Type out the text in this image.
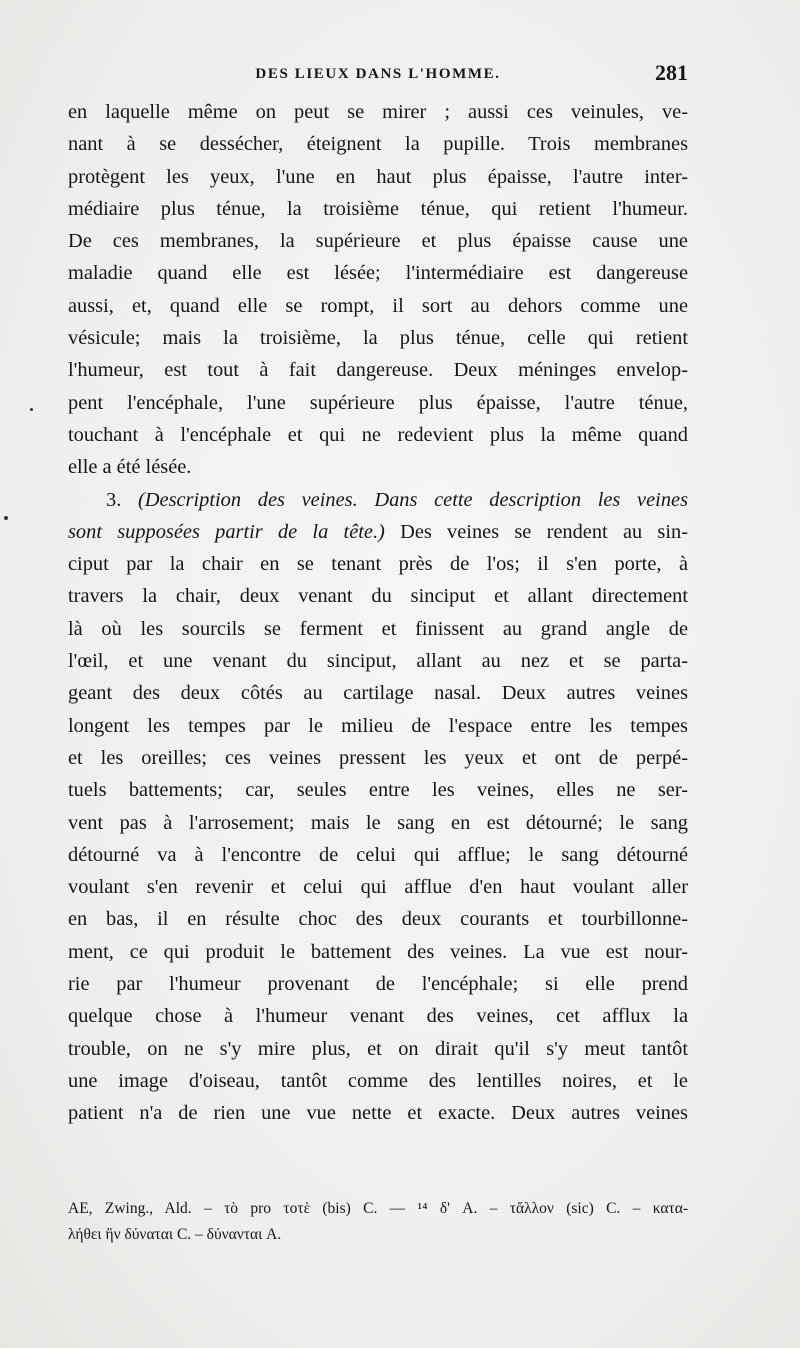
DES LIEUX DANS L'HOMME.	281
en laquelle même on peut se mirer ; aussi ces veinules, ve-
nant à se dessécher, éteignent la pupille. Trois membranes
protègent les yeux, l'une en haut plus épaisse, l'autre inter-
médiaire plus ténue, la troisième ténue, qui retient l'humeur.
De ces membranes, la supérieure et plus épaisse cause une
maladie quand elle est lésée; l'intermédiaire est dangereuse
aussi, et, quand elle se rompt, il sort au dehors comme une
vésicule; mais la troisième, la plus ténue, celle qui retient
l'humeur, est tout à fait dangereuse. Deux méninges envelop-
pent l'encéphale, l'une supérieure plus épaisse, l'autre ténue,
touchant à l'encéphale et qui ne redevient plus la même quand
elle a été lésée.
3. (Description des veines. Dans cette description les veines
sont supposées partir de la tête.) Des veines se rendent au sin-
ciput par la chair en se tenant près de l'os; il s'en porte, à
travers la chair, deux venant du sinciput et allant directement
là où les sourcils se ferment et finissent au grand angle de
l'œil, et une venant du sinciput, allant au nez et se parta-
geant des deux côtés au cartilage nasal. Deux autres veines
longent les tempes par le milieu de l'espace entre les tempes
et les oreilles; ces veines pressent les yeux et ont de perpé-
tuels battements; car, seules entre les veines, elles ne ser-
vent pas à l'arrosement; mais le sang en est détourné; le sang
détourné va à l'encontre de celui qui afflue; le sang détourné
voulant s'en revenir et celui qui afflue d'en haut voulant aller
en bas, il en résulte choc des deux courants et tourbillonne-
ment, ce qui produit le battement des veines. La vue est nour-
rie par l'humeur provenant de l'encéphale; si elle prend
quelque chose à l'humeur venant des veines, cet afflux la
trouble, on ne s'y mire plus, et on dirait qu'il s'y meut tantôt
une image d'oiseau, tantôt comme des lentilles noires, et le
patient n'a de rien une vue nette et exacte. Deux autres veines
AE, Zwing., Ald. – τὸ pro τοτὲ (bis) C. — ¹⁴ δ' A. – τἄλλον (sic) C. – κατα-
λήθει ἣν δύναται C. – δύνανται A.
